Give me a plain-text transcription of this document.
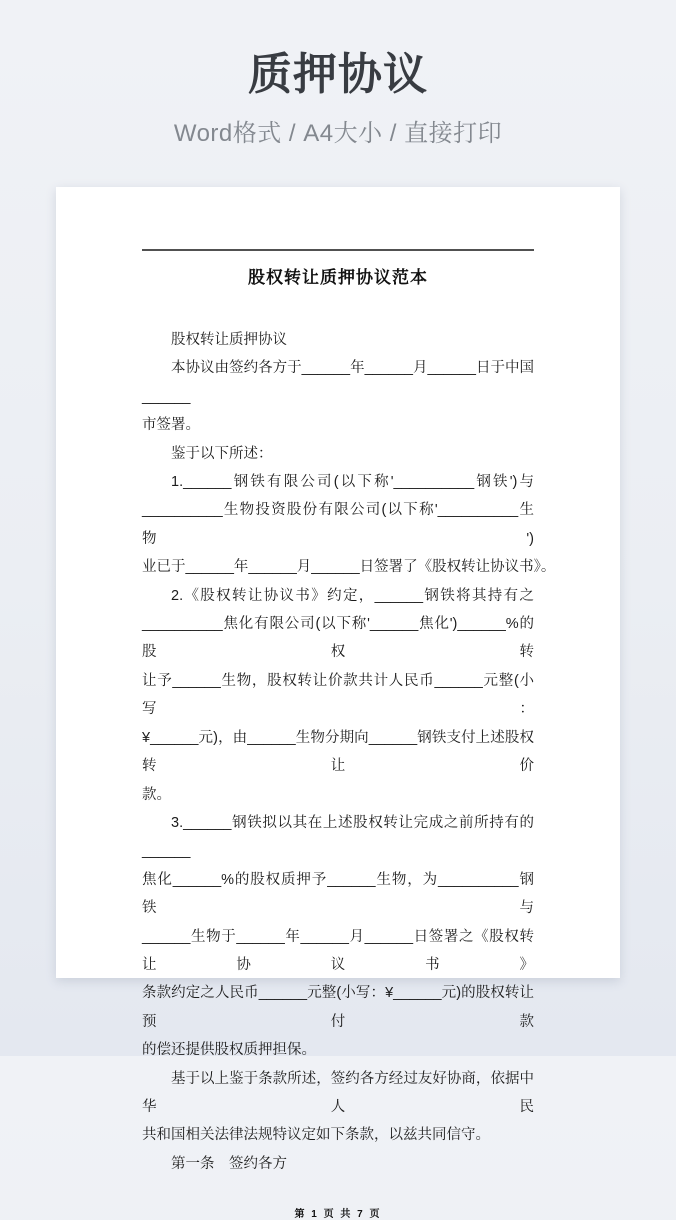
质押协议
Word格式 / A4大小 / 直接打印
股权转让质押协议范本
股权转让质押协议
本协议由签约各方于______年______月______日于中国______
市签署。
鉴于以下所述：
1.______钢铁有限公司(以下称'__________钢铁')与
__________生物投资股份有限公司(以下称'__________生物')
业已于______年______月______日签署了《股权转让协议书》。
2.《股权转让协议书》约定，______钢铁将其持有之
__________焦化有限公司(以下称'______焦化')______%的股权转
让予______生物，股权转让价款共计人民币______元整(小写：
¥______元)，由______生物分期向______钢铁支付上述股权转让价
款。
3.______钢铁拟以其在上述股权转让完成之前所持有的______
焦化______%的股权质押予______生物，为__________钢铁与
______生物于______年______月______日签署之《股权转让协议书》
条款约定之人民币______元整(小写：¥______元)的股权转让预付款
的偿还提供股权质押担保。
基于以上鉴于条款所述，签约各方经过友好协商，依据中华人民
共和国相关法律法规特议定如下条款，以兹共同信守。
第一条　签约各方
第 1 页 共 7 页
